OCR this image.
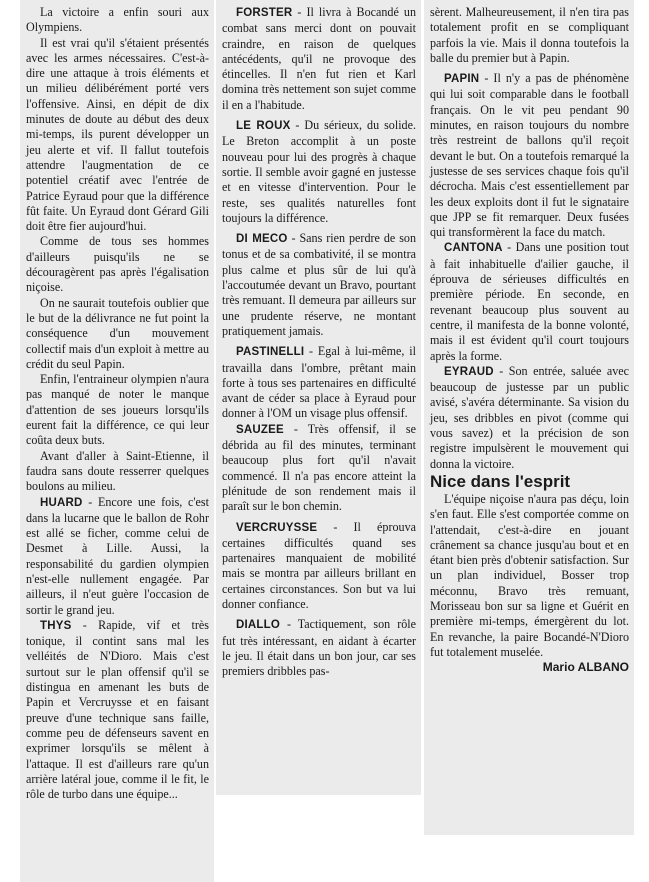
La victoire a enfin souri aux Olympiens.

Il est vrai qu'il s'étaient présentés avec les armes nécessaires. C'est-à-dire une attaque à trois éléments et un milieu délibérément porté vers l'offensive. Ainsi, en dépit de dix minutes de doute au début des deux mi-temps, ils purent développer un jeu alerte et vif. Il fallut toutefois attendre l'augmentation de ce potentiel créatif avec l'entrée de Patrice Eyraud pour que la différence fût faite. Un Eyraud dont Gérard Gili doit être fier aujourd'hui.

Comme de tous ses hommes d'ailleurs puisqu'ils ne se découragèrent pas après l'égalisation niçoise.

On ne saurait toutefois oublier que le but de la délivrance ne fut point la conséquence d'un mouvement collectif mais d'un exploit à mettre au crédit du seul Papin.

Enfin, l'entraineur olympien n'aura pas manqué de noter le manque d'attention de ses joueurs lorsqu'ils eurent fait la différence, ce qui leur coûta deux buts.

Avant d'aller à Saint-Etienne, il faudra sans doute resserrer quelques boulons au milieu.

HUARD - Encore une fois, c'est dans la lucarne que le ballon de Rohr est allé se ficher, comme celui de Desmet à Lille. Aussi, la responsabilité du gardien olympien n'est-elle nullement engagée. Par ailleurs, il n'eut guère l'occasion de sortir le grand jeu.

THYS - Rapide, vif et très tonique, il contint sans mal les velléités de N'Dioro. Mais c'est surtout sur le plan offensif qu'il se distingua en amenant les buts de Papin et Vercruysse et en faisant preuve d'une technique sans faille, comme peu de défenseurs savent en exprimer lorsqu'ils se mêlent à l'attaque. Il est d'ailleurs rare qu'un arrière latéral joue, comme il le fit, le rôle de turbo dans une équipe...

FORSTER - Il livra à Bocandé un combat sans merci dont on pouvait craindre, en raison de quelques antécédents, qu'il ne provoque des étincelles. Il n'en fut rien et Karl domina très nettement son sujet comme il en a l'habitude.

LE ROUX - Du sérieux, du solide. Le Breton accomplit à un poste nouveau pour lui des progrès à chaque sortie. Il semble avoir gagné en justesse et en vitesse d'intervention. Pour le reste, ses qualités naturelles font toujours la différence.

DI MECO - Sans rien perdre de son tonus et de sa combativité, il se montra plus calme et plus sûr de lui qu'à l'accoutumée devant un Bravo, pourtant très remuant. Il demeura par ailleurs sur une prudente réserve, ne montant pratiquement jamais.

PASTINELLI - Egal à lui-même, il travailla dans l'ombre, prêtant main forte à tous ses partenaires en difficulté avant de céder sa place à Eyraud pour donner à l'OM un visage plus offensif.

SAUZEE - Très offensif, il se débrida au fil des minutes, terminant beaucoup plus fort qu'il n'avait commencé. Il n'a pas encore atteint la plénitude de son rendement mais il paraît sur le bon chemin.

VERCRUYSSE - Il éprouva certaines difficultés quand ses partenaires manquaient de mobilité mais se montra par ailleurs brillant en certaines circonstances. Son but va lui donner confiance.

DIALLO - Tactiquement, son rôle fut très intéressant, en aidant à écarter le jeu. Il était dans un bon jour, car ses premiers dribbles pas-

sèrent. Malheureusement, il n'en tira pas totalement profit en se compliquant parfois la vie. Mais il donna toutefois la balle du premier but à Papin.

PAPIN - Il n'y a pas de phénomène qui lui soit comparable dans le football français. On le vit peu pendant 90 minutes, en raison toujours du nombre très restreint de ballons qu'il reçoit devant le but. On a toutefois remarqué la justesse de ses services chaque fois qu'il décrocha. Mais c'est essentiellement par les deux exploits dont il fut le signataire que JPP se fit remarquer. Deux fusées qui transformèrent la face du match.

CANTONA - Dans une position tout à fait inhabituelle d'ailier gauche, il éprouva de sérieuses difficultés en première période. En seconde, en revenant beaucoup plus souvent au centre, il manifesta de la bonne volonté, mais il est évident qu'il court toujours après la forme.

EYRAUD - Son entrée, saluée avec beaucoup de justesse par un public avisé, s'avéra déterminante. Sa vision du jeu, ses dribbles en pivot (comme qui vous savez) et la précision de son registre impulsèrent le mouvement qui donna la victoire.

Nice dans l'esprit

L'équipe niçoise n'aura pas déçu, loin s'en faut. Elle s'est comportée comme on l'attendait, c'est-à-dire en jouant crânement sa chance jusqu'au bout et en étant bien près d'obtenir satisfaction. Sur un plan individuel, Bosser trop méconnu, Bravo très remuant, Morisseau bon sur sa ligne et Guérit en première mi-temps, émergèrent du lot. En revanche, la paire Bocandé-N'Dioro fut totalement muselée.

Mario ALBANO
